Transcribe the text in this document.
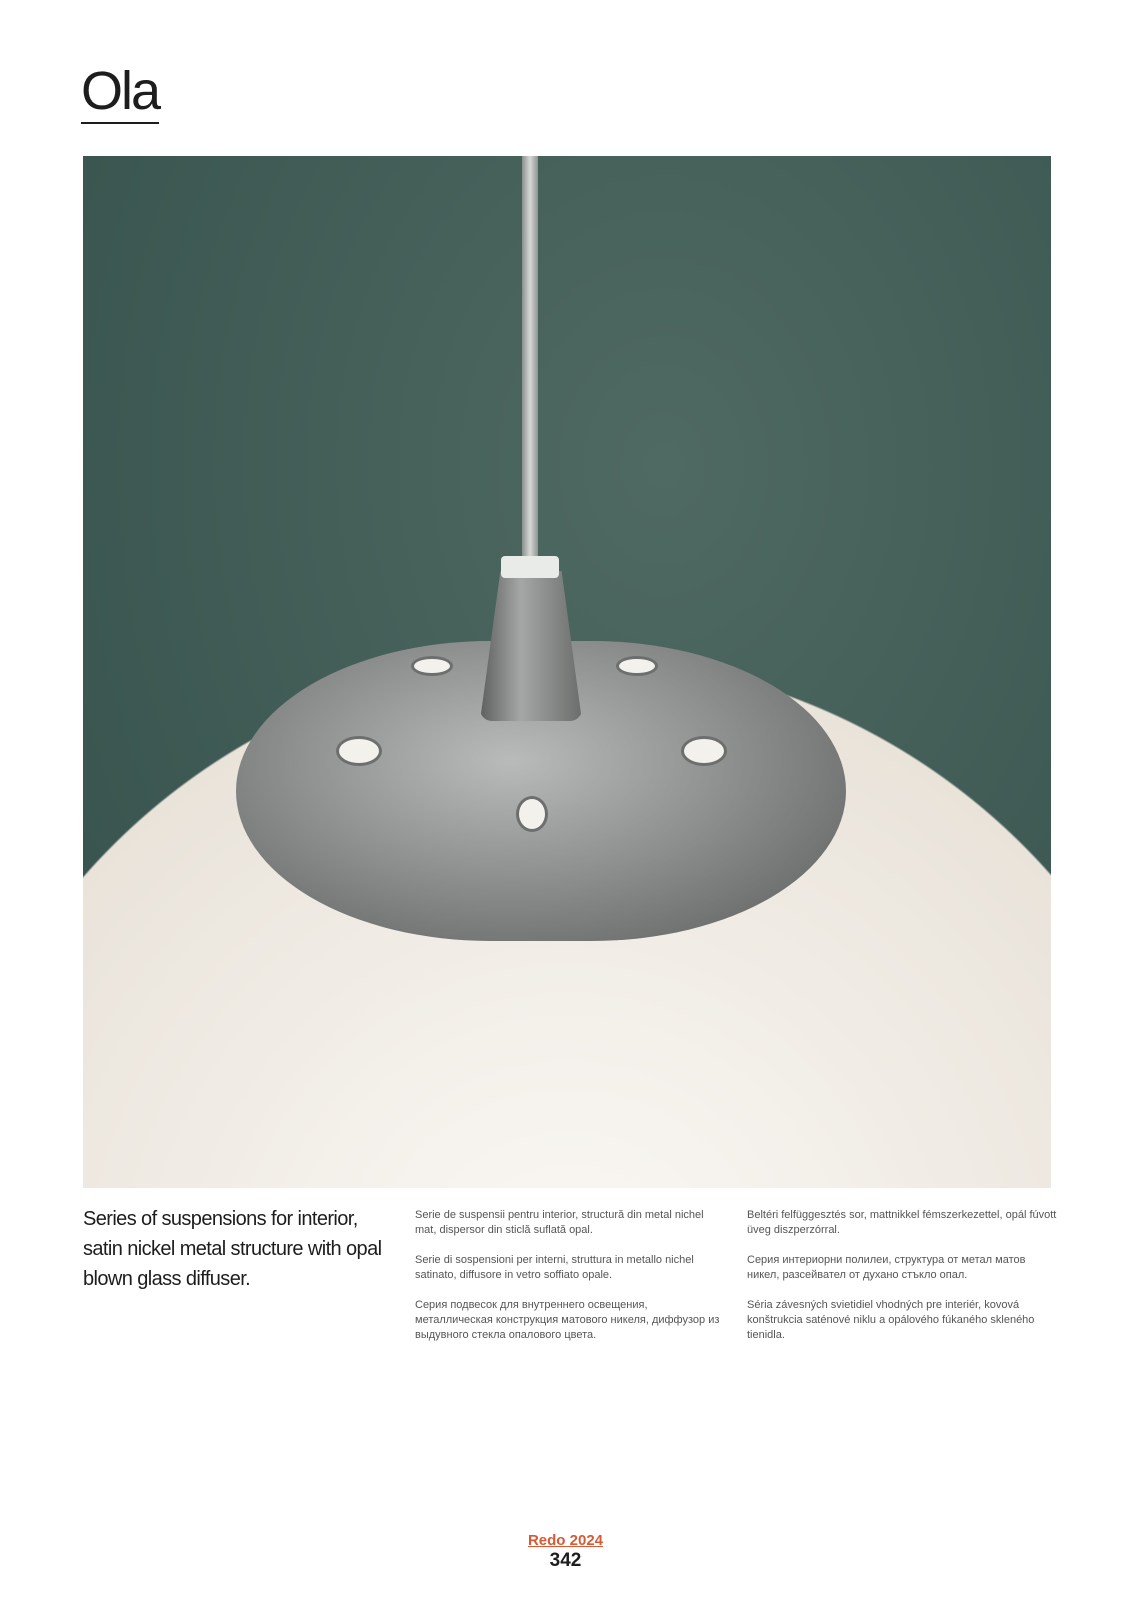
Ola
Series of suspensions for interior, satin nickel metal structure with opal blown glass diffuser.

Serie de suspensii pentru interior, structură din metal nichel mat, dispersor din sticlă suflată opal.

Serie di sospensioni per interni, struttura in metallo nichel satinato, diffusore in vetro soffiato opale.

Серия подвесок для внутреннего освещения, металлическая конструкция матового никеля, диффузор из выдувного стекла опалового цвета.

Beltéri felfüggesztés sor, mattnikkel fémszerkezettel, opál fúvott üveg diszperzórral.

Серия интериорни полилеи, структура от метал матов никел, разсейвател от духано стъкло опал.

Séria závesných svietidiel vhodných pre interiér, kovová konštrukcia saténové niklu a opálového fúkaného skleného tienidla.

Redo 2024
342
